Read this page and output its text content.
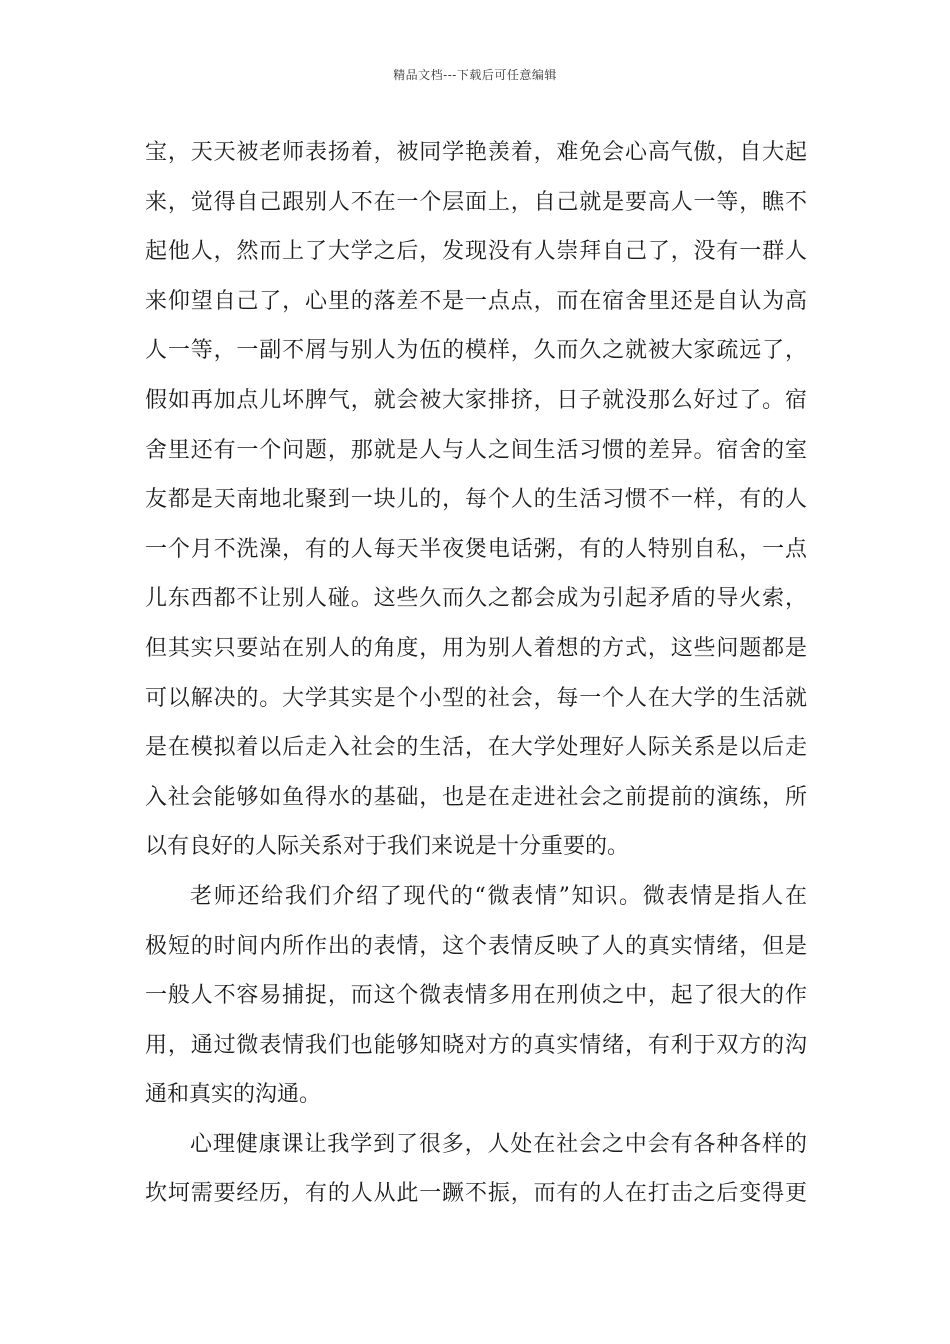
精品文档---下载后可任意编辑
宝，天天被老师表扬着，被同学艳羡着，难免会心高气傲，自大起
来，觉得自己跟别人不在一个层面上，自己就是要高人一等，瞧不
起他人，然而上了大学之后，发现没有人崇拜自己了，没有一群人
来仰望自己了，心里的落差不是一点点，而在宿舍里还是自认为高
人一等，一副不屑与别人为伍的模样，久而久之就被大家疏远了，
假如再加点儿坏脾气，就会被大家排挤，日子就没那么好过了。宿
舍里还有一个问题，那就是人与人之间生活习惯的差异。宿舍的室
友都是天南地北聚到一块儿的，每个人的生活习惯不一样，有的人
一个月不洗澡，有的人每天半夜煲电话粥，有的人特别自私，一点
儿东西都不让别人碰。这些久而久之都会成为引起矛盾的导火索，
但其实只要站在别人的角度，用为别人着想的方式，这些问题都是
可以解决的。大学其实是个小型的社会，每一个人在大学的生活就
是在模拟着以后走入社会的生活，在大学处理好人际关系是以后走
入社会能够如鱼得水的基础，也是在走进社会之前提前的演练，所
以有良好的人际关系对于我们来说是十分重要的。
老师还给我们介绍了现代的“微表情”知识。微表情是指人在
极短的时间内所作出的表情，这个表情反映了人的真实情绪，但是
一般人不容易捕捉，而这个微表情多用在刑侦之中，起了很大的作
用，通过微表情我们也能够知晓对方的真实情绪，有利于双方的沟
通和真实的沟通。
心理健康课让我学到了很多，人处在社会之中会有各种各样的
坎坷需要经历，有的人从此一蹶不振，而有的人在打击之后变得更
